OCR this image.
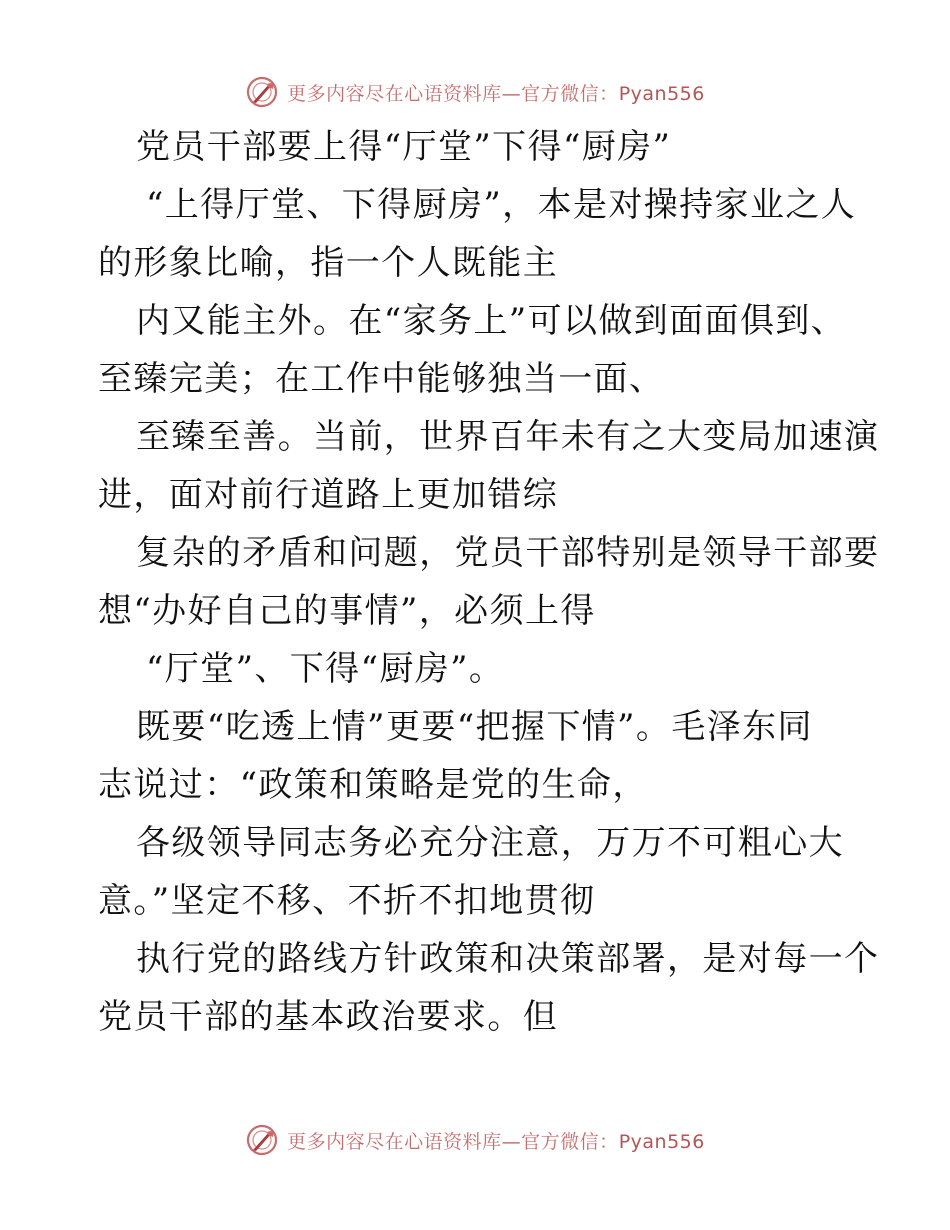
更多内容尽在心语资料库—官方微信：Pyan556
党员干部要上得“厅堂”下得“厨房”
“上得厅堂、下得厨房”，本是对操持家业之人
的形象比喻，指一个人既能主
内又能主外。在“家务上”可以做到面面俱到、
至臻完美；在工作中能够独当一面、
至臻至善。当前，世界百年未有之大变局加速演
进，面对前行道路上更加错综
复杂的矛盾和问题，党员干部特别是领导干部要
想“办好自己的事情”，必须上得
“厅堂”、下得“厨房”。
既要“吃透上情”更要“把握下情”。毛泽东同
志说过：“政策和策略是党的生命，
各级领导同志务必充分注意，万万不可粗心大
意。”坚定不移、不折不扣地贯彻
执行党的路线方针政策和决策部署，是对每一个
党员干部的基本政治要求。但
更多内容尽在心语资料库—官方微信：Pyan556
